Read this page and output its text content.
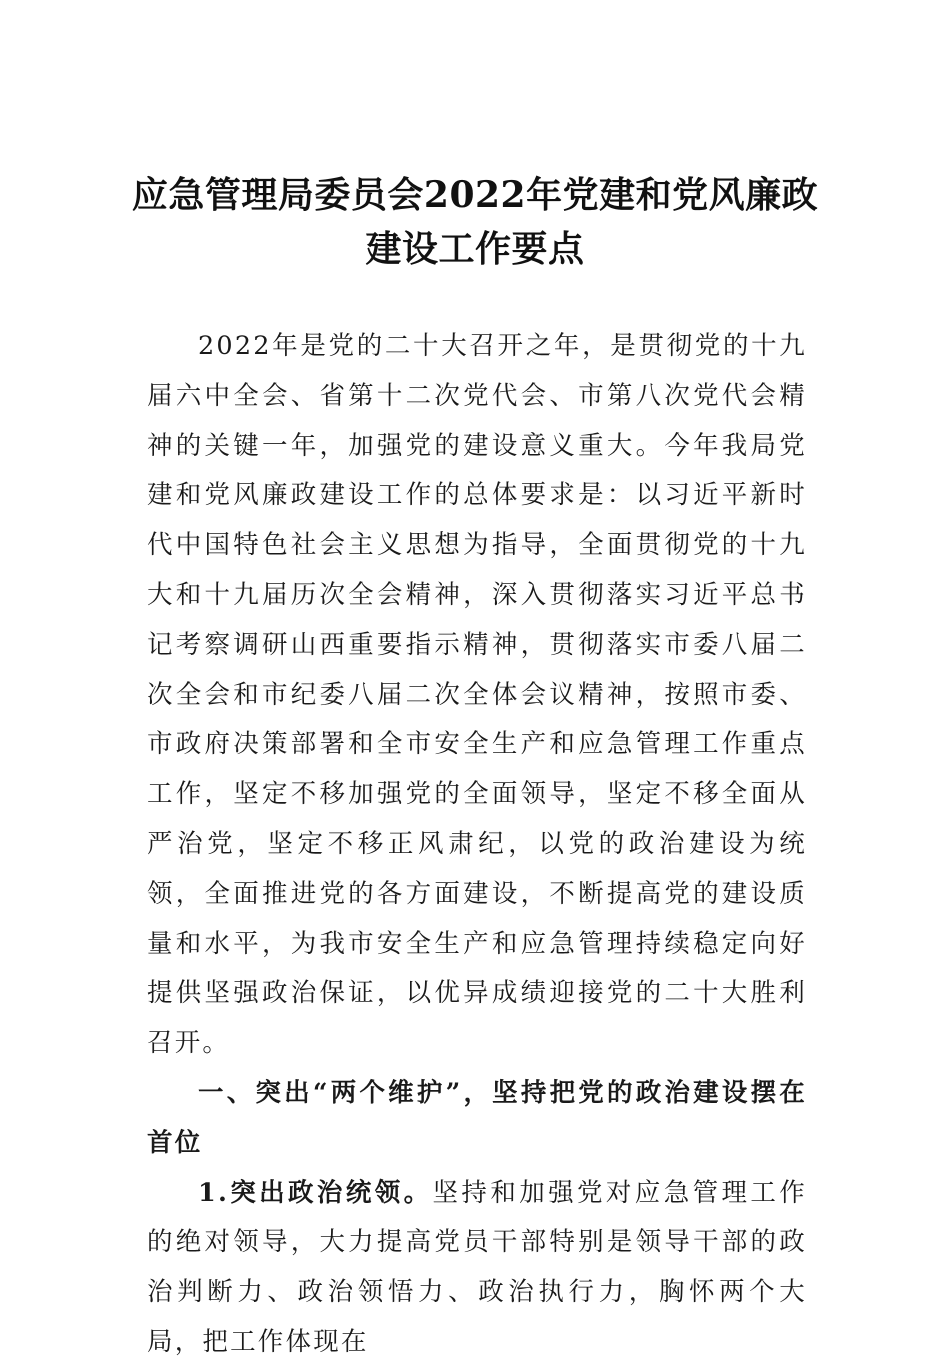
应急管理局委员会2022年党建和党风廉政
建设工作要点

2022年是党的二十大召开之年，是贯彻党的十九届六中全会、省第十二次党代会、市第八次党代会精神的关键一年，加强党的建设意义重大。今年我局党建和党风廉政建设工作的总体要求是：以习近平新时代中国特色社会主义思想为指导，全面贯彻党的十九大和十九届历次全会精神，深入贯彻落实习近平总书记考察调研山西重要指示精神，贯彻落实市委八届二次全会和市纪委八届二次全体会议精神，按照市委、市政府决策部署和全市安全生产和应急管理工作重点工作，坚定不移加强党的全面领导，坚定不移全面从严治党，坚定不移正风肃纪，以党的政治建设为统领，全面推进党的各方面建设，不断提高党的建设质量和水平，为我市安全生产和应急管理持续稳定向好提供坚强政治保证，以优异成绩迎接党的二十大胜利召开。

一、突出“两个维护”，坚持把党的政治建设摆在首位

1.突出政治统领。坚持和加强党对应急管理工作的绝对领导，大力提高党员干部特别是领导干部的政治判断力、政治领悟力、政治执行力，胸怀两个大局，把工作体现在
